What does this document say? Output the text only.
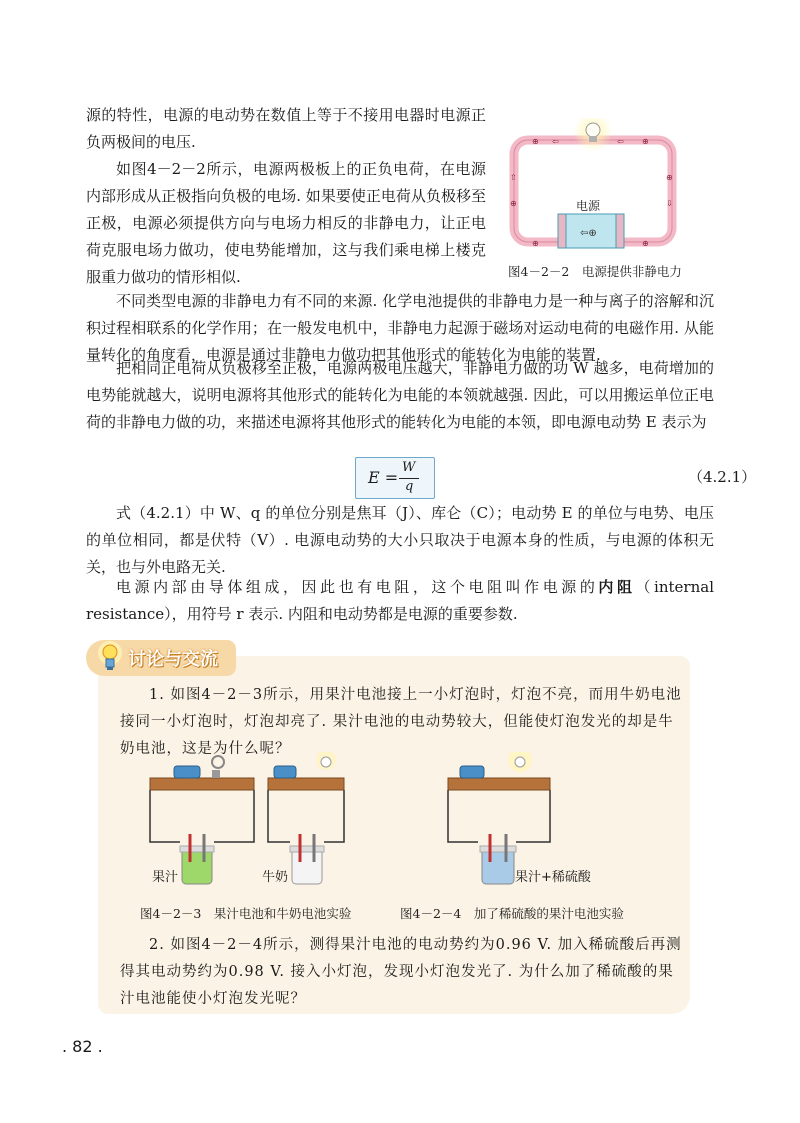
源的特性，电源的电动势在数值上等于不接用电器时电源正负两极间的电压.

如图4－2－2所示，电源两极板上的正负电荷，在电源内部形成从正极指向负极的电场. 如果要使正电荷从负极移至正极，电源必须提供方向与电场力相反的非静电力，让正电荷克服电场力做功，使电势能增加，这与我们乘电梯上楼克服重力做功的情形相似.

⊕ ⇦	⇦ ⊕
⇧
⊕
⊕
⇩
⊕	⊕
电源
⇦⊕
图4－2－2　电源提供非静电力

不同类型电源的非静电力有不同的来源. 化学电池提供的非静电力是一种与离子的溶解和沉积过程相联系的化学作用；在一般发电机中，非静电力起源于磁场对运动电荷的电磁作用. 从能量转化的角度看，电源是通过非静电力做功把其他形式的能转化为电能的装置.

把相同正电荷从负极移至正极，电源两极电压越大，非静电力做的功 W 越多，电荷增加的电势能就越大，说明电源将其他形式的能转化为电能的本领就越强. 因此，可以用搬运单位正电荷的非静电力做的功，来描述电源将其他形式的能转化为电能的本领，即电源电动势 E 表示为

E =
W
q
（4.2.1）

式（4.2.1）中 W、q 的单位分别是焦耳（J）、库仑（C）；电动势 E 的单位与电势、电压的单位相同，都是伏特（V）. 电源电动势的大小只取决于电源本身的性质，与电源的体积无关，也与外电路无关.

电源内部由导体组成，因此也有电阻，这个电阻叫作电源的内阻（internal resistance），用符号 r 表示. 内阻和电动势都是电源的重要参数.

讨论与交流
1. 如图4－2－3所示，用果汁电池接上一小灯泡时，灯泡不亮，而用牛奶电池接同一小灯泡时，灯泡却亮了. 果汁电池的电动势较大，但能使灯泡发光的却是牛奶电池，这是为什么呢？
果汁	牛奶
图4－2－3　果汁电池和牛奶电池实验
果汁+稀硫酸
图4－2－4　加了稀硫酸的果汁电池实验
2. 如图4－2－4所示，测得果汁电池的电动势约为0.96 V. 加入稀硫酸后再测得其电动势约为0.98 V. 接入小灯泡，发现小灯泡发光了. 为什么加了稀硫酸的果汁电池能使小灯泡发光呢？
. 82 .
